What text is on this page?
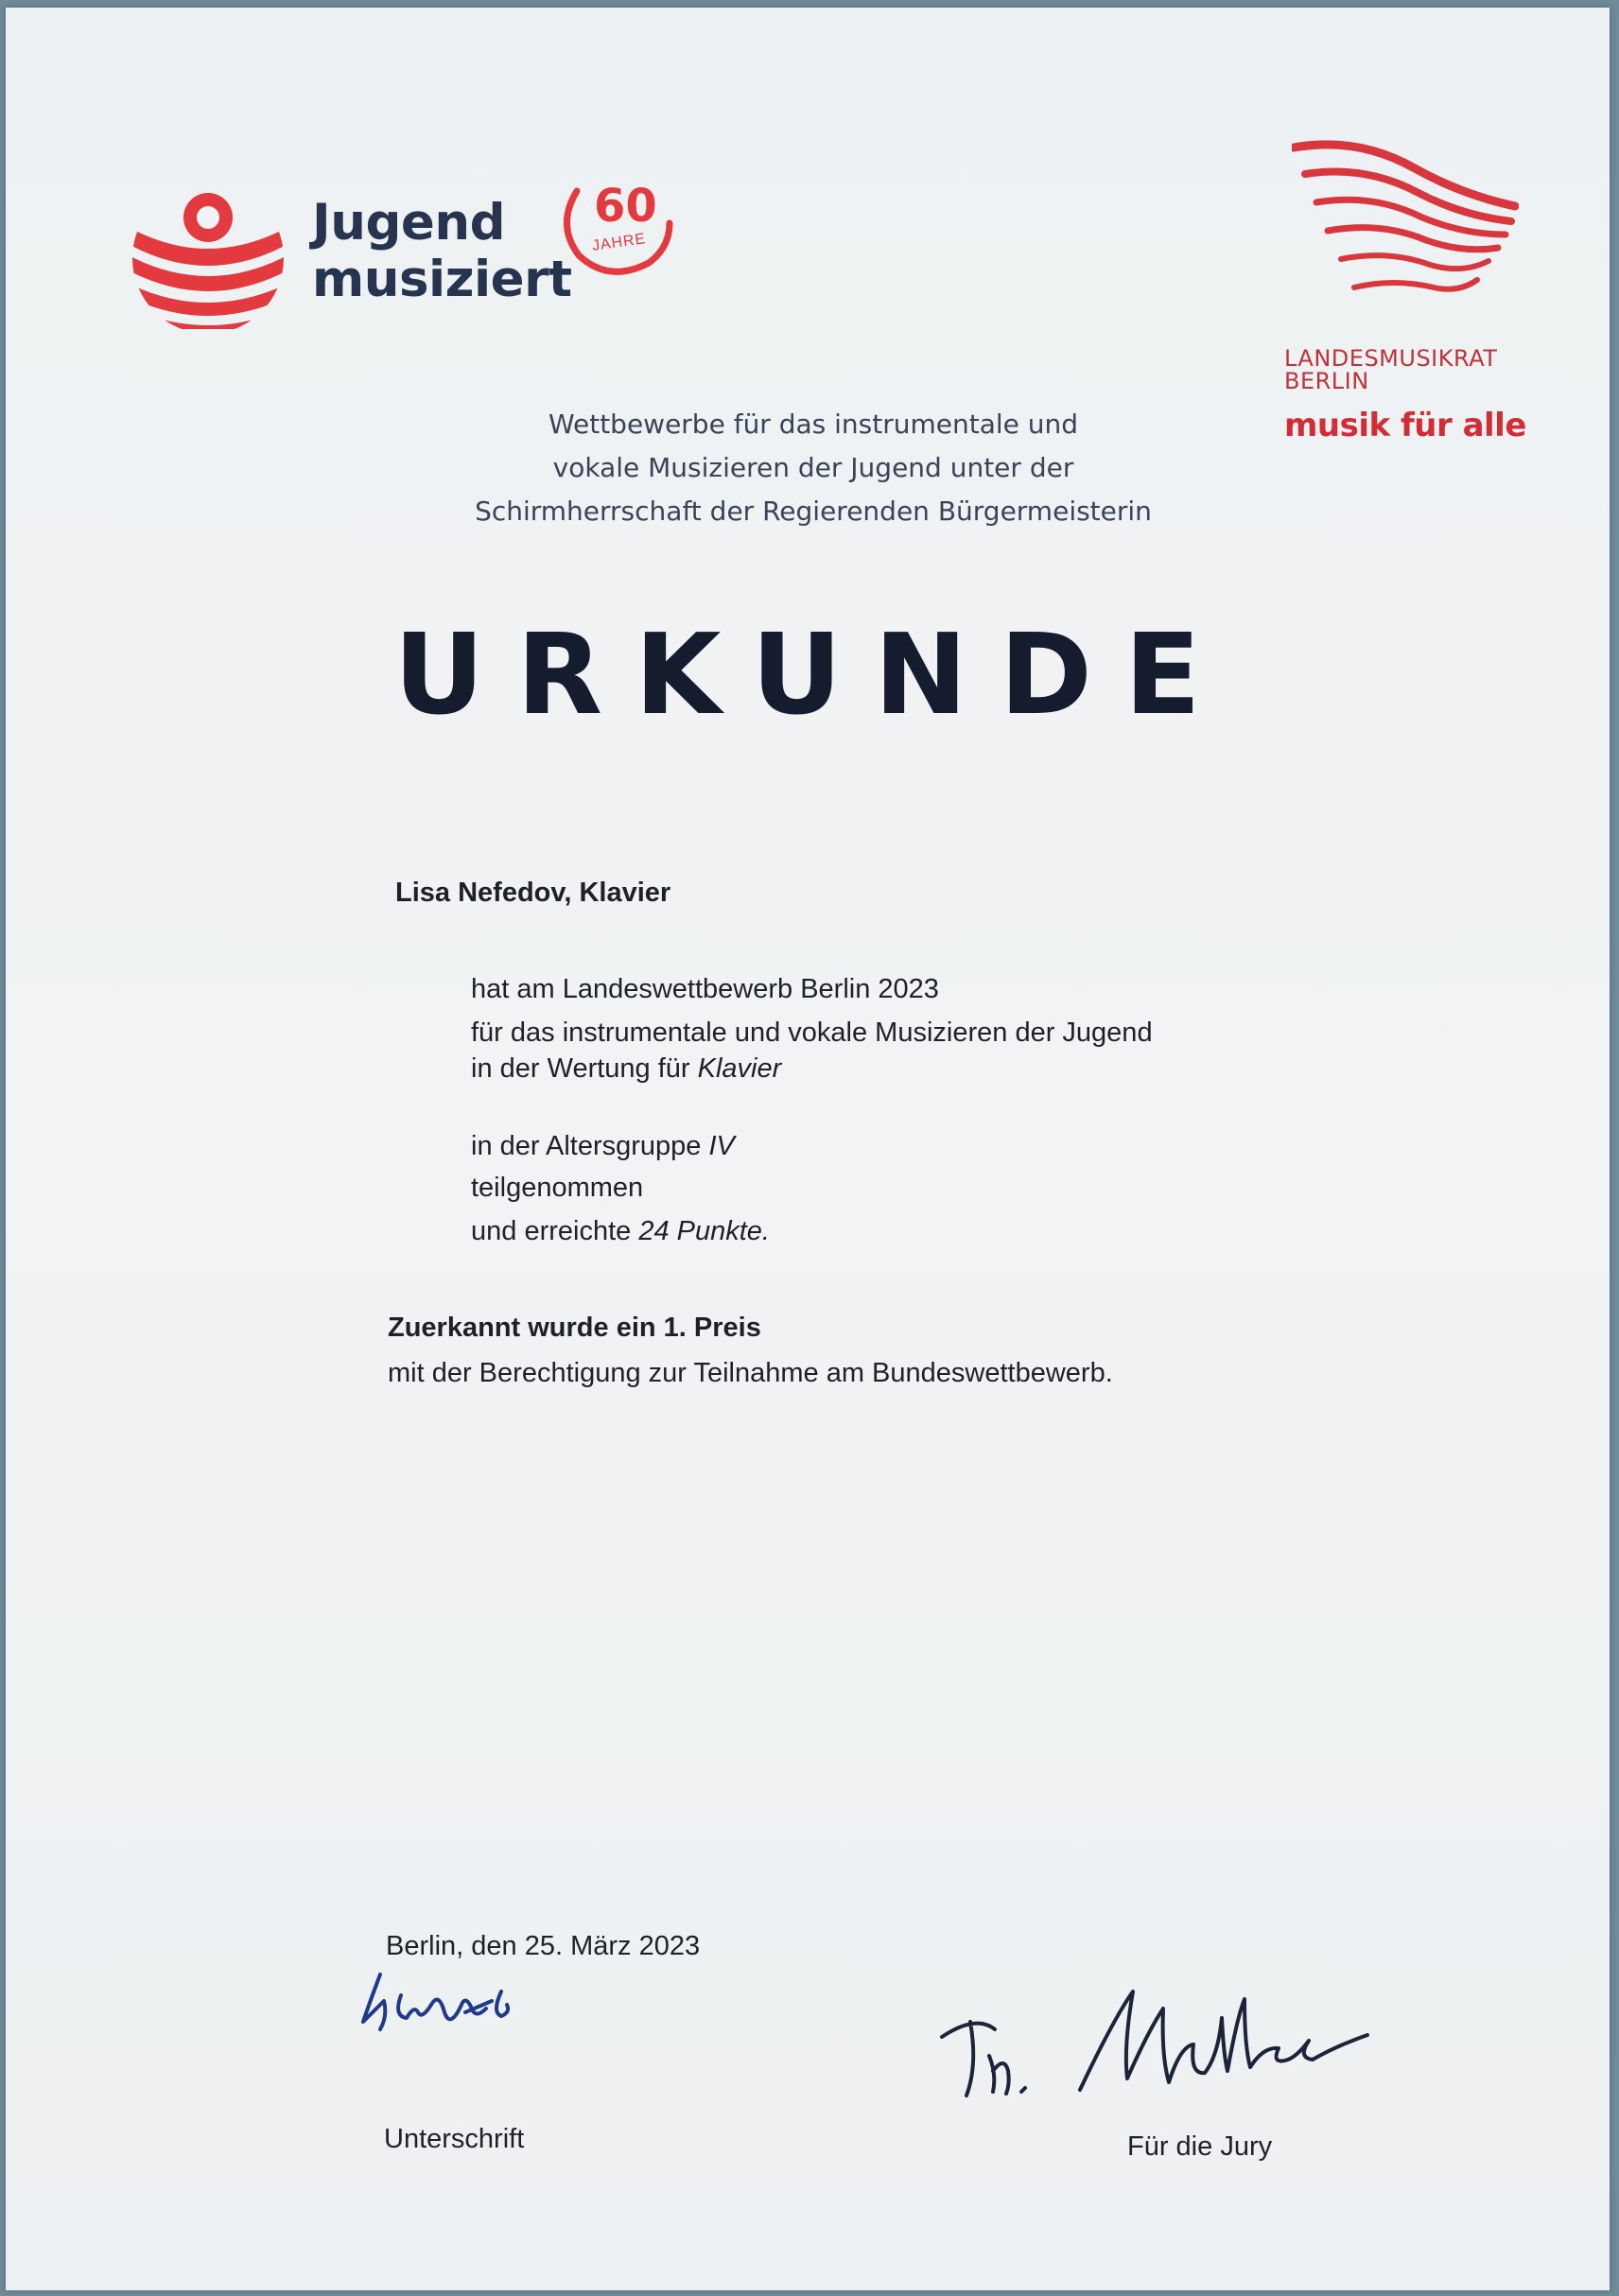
Jugend
musiziert
60
JAHRE
LANDESMUSIKRAT
BERLIN
musik für alle
Wettbewerbe für das instrumentale und
vokale Musizieren der Jugend unter der
Schirmherrschaft der Regierenden Bürgermeisterin
URKUNDE
Lisa Nefedov, Klavier
hat am Landeswettbewerb Berlin 2023
für das instrumentale und vokale Musizieren der Jugend
in der Wertung für Klavier
in der Altersgruppe IV
teilgenommen
und erreichte 24 Punkte.
Zuerkannt wurde ein 1. Preis
mit der Berechtigung zur Teilnahme am Bundeswettbewerb.
Berlin, den 25. März 2023
Unterschrift	Für die Jury
